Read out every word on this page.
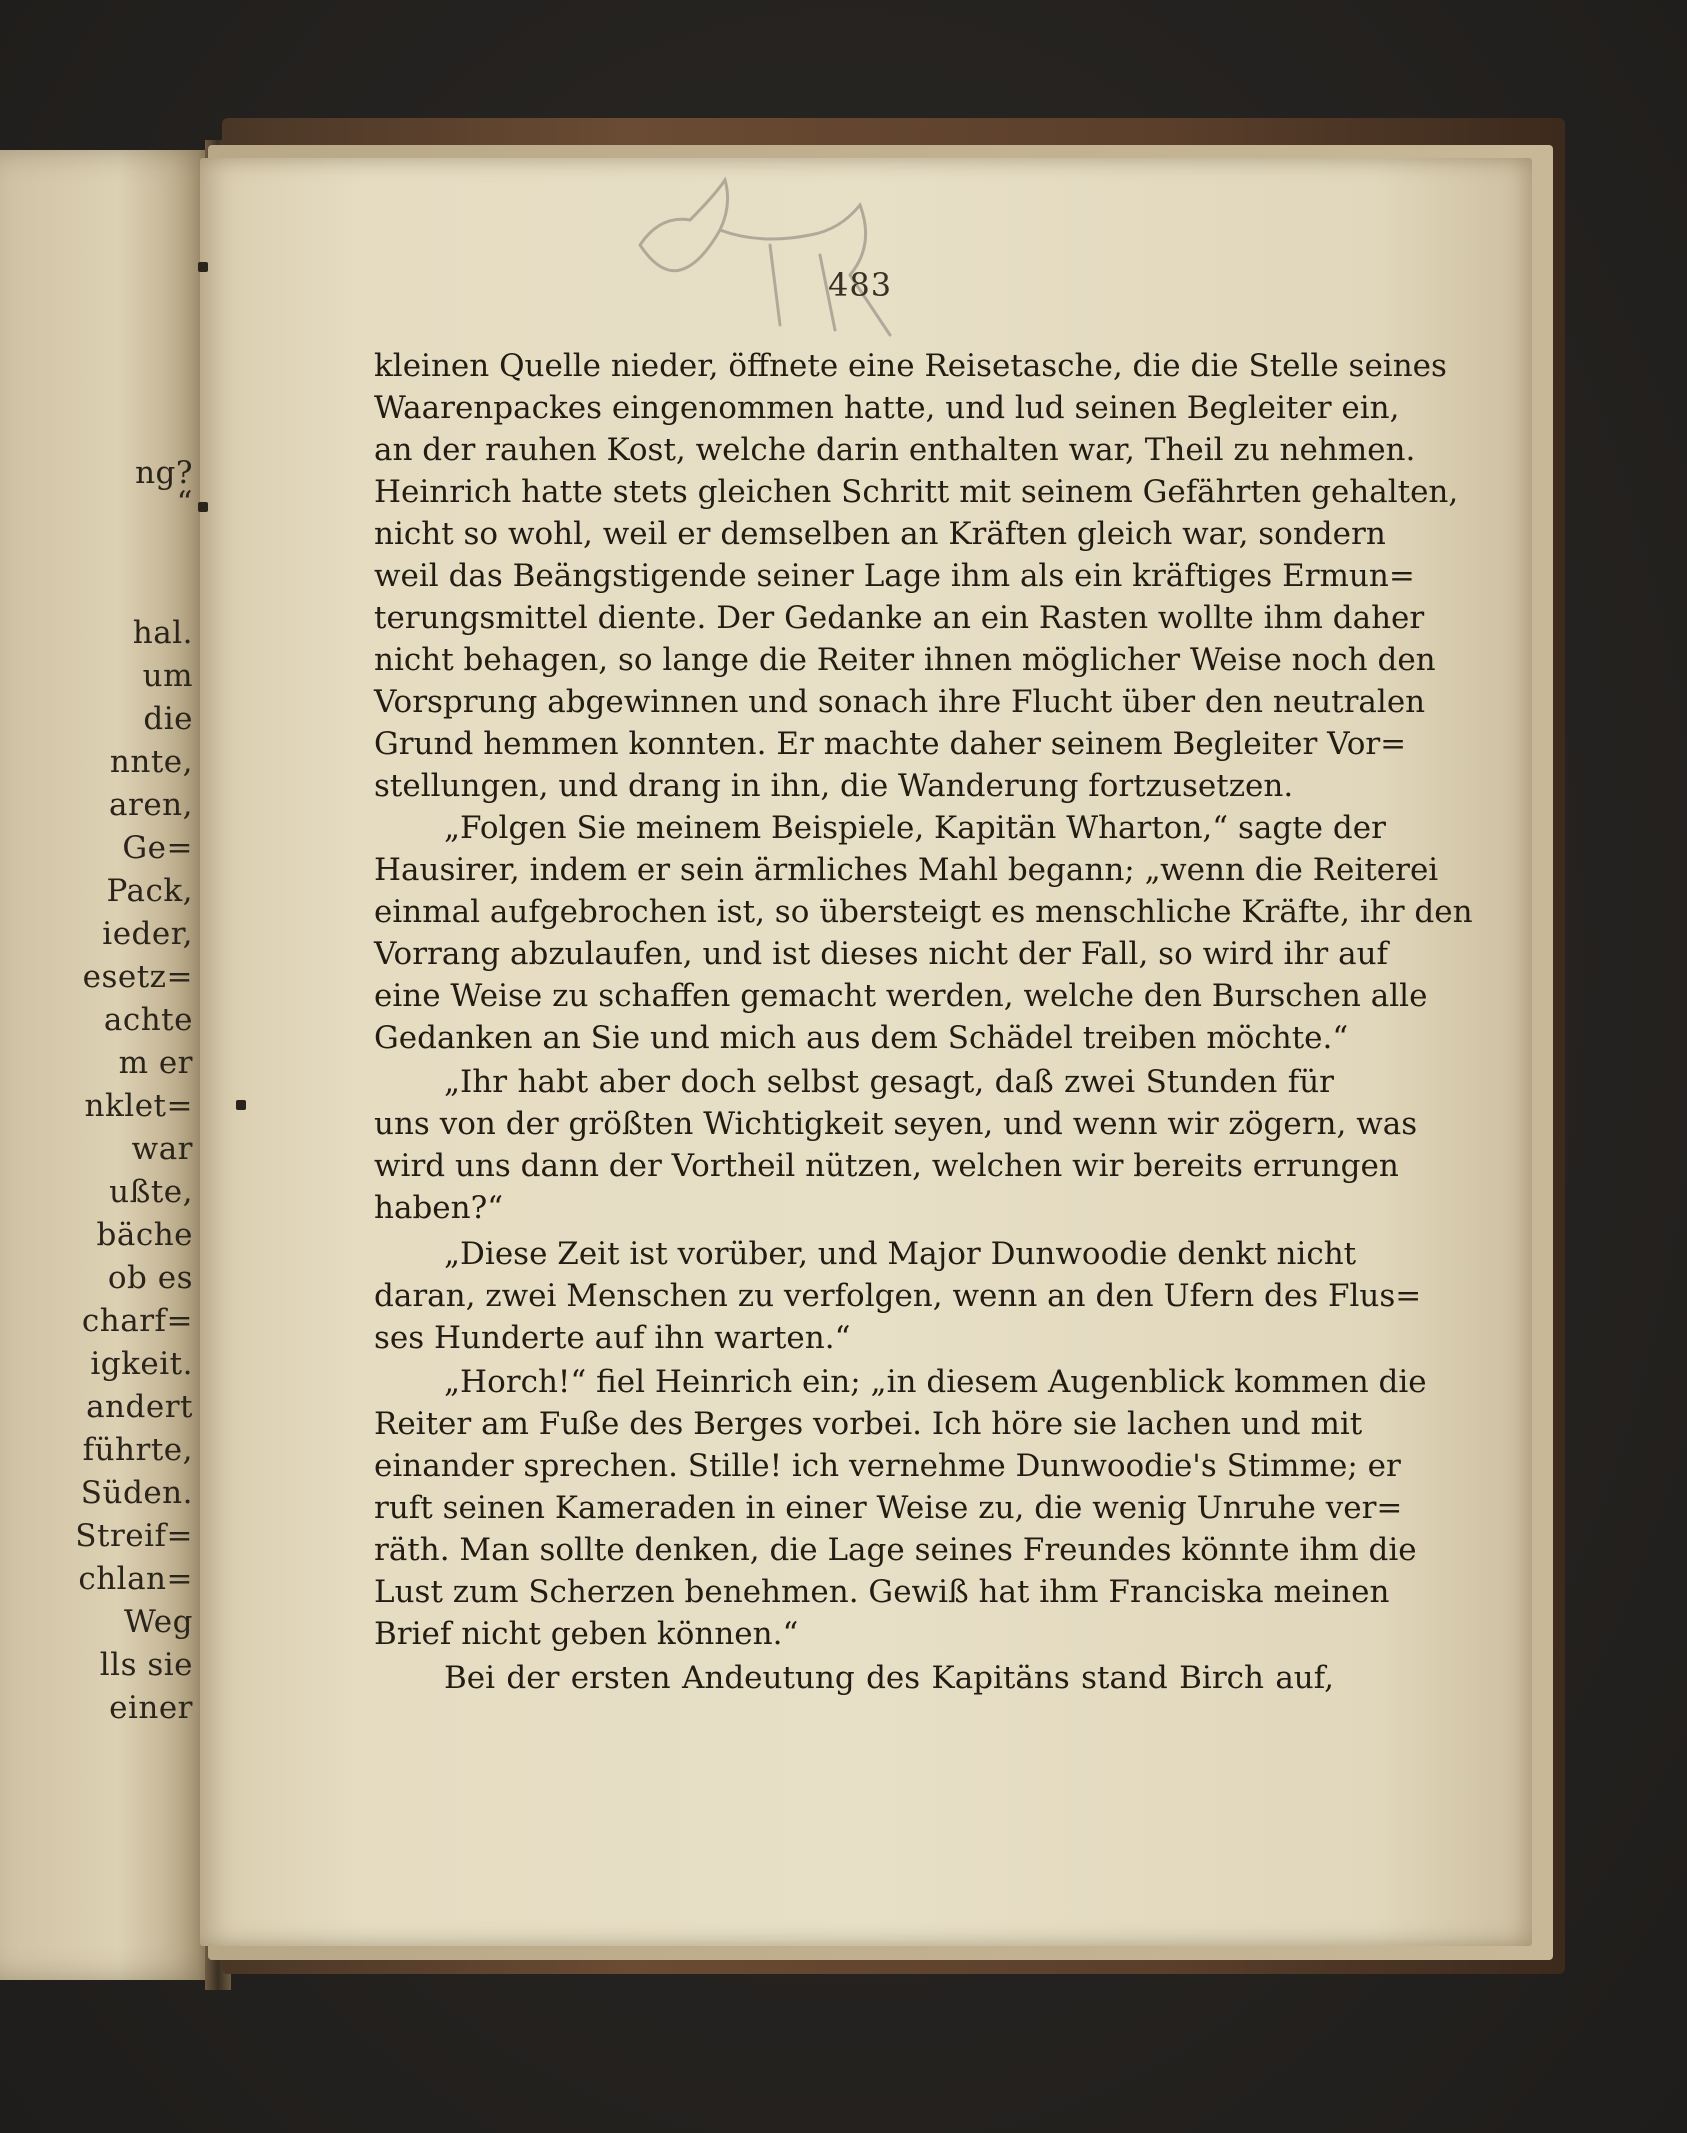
ng?
“
hal.
um
die
nnte,
aren,
Ge=
Pack,
ieder,
esetz=
achte
m er
nklet=
war
ußte,
bäche
ob es
charf=
igkeit.
andert
führte,
Süden.
Streif=
chlan=
Weg
lls sie
einer
483
kleinen Quelle nieder, öffnete eine Reisetasche, die die Stelle seines
Waarenpackes eingenommen hatte, und lud seinen Begleiter ein,
an der rauhen Kost, welche darin enthalten war, Theil zu nehmen.
Heinrich hatte stets gleichen Schritt mit seinem Gefährten gehalten,
nicht so wohl, weil er demselben an Kräften gleich war, sondern
weil das Beängstigende seiner Lage ihm als ein kräftiges Ermun=
terungsmittel diente. Der Gedanke an ein Rasten wollte ihm daher
nicht behagen, so lange die Reiter ihnen möglicher Weise noch den
Vorsprung abgewinnen und sonach ihre Flucht über den neutralen
Grund hemmen konnten. Er machte daher seinem Begleiter Vor=
stellungen, und drang in ihn, die Wanderung fortzusetzen.
„Folgen Sie meinem Beispiele, Kapitän Wharton,“ sagte der
Hausirer, indem er sein ärmliches Mahl begann; „wenn die Reiterei
einmal aufgebrochen ist, so übersteigt es menschliche Kräfte, ihr den
Vorrang abzulaufen, und ist dieses nicht der Fall, so wird ihr auf
eine Weise zu schaffen gemacht werden, welche den Burschen alle
Gedanken an Sie und mich aus dem Schädel treiben möchte.“
„Ihr habt aber doch selbst gesagt, daß zwei Stunden für
uns von der größten Wichtigkeit seyen, und wenn wir zögern, was
wird uns dann der Vortheil nützen, welchen wir bereits errungen
haben?“
„Diese Zeit ist vorüber, und Major Dunwoodie denkt nicht
daran, zwei Menschen zu verfolgen, wenn an den Ufern des Flus=
ses Hunderte auf ihn warten.“
„Horch!“ fiel Heinrich ein; „in diesem Augenblick kommen die
Reiter am Fuße des Berges vorbei. Ich höre sie lachen und mit
einander sprechen. Stille! ich vernehme Dunwoodie's Stimme; er
ruft seinen Kameraden in einer Weise zu, die wenig Unruhe ver=
räth. Man sollte denken, die Lage seines Freundes könnte ihm die
Lust zum Scherzen benehmen. Gewiß hat ihm Franciska meinen
Brief nicht geben können.“
Bei der ersten Andeutung des Kapitäns stand Birch auf,
